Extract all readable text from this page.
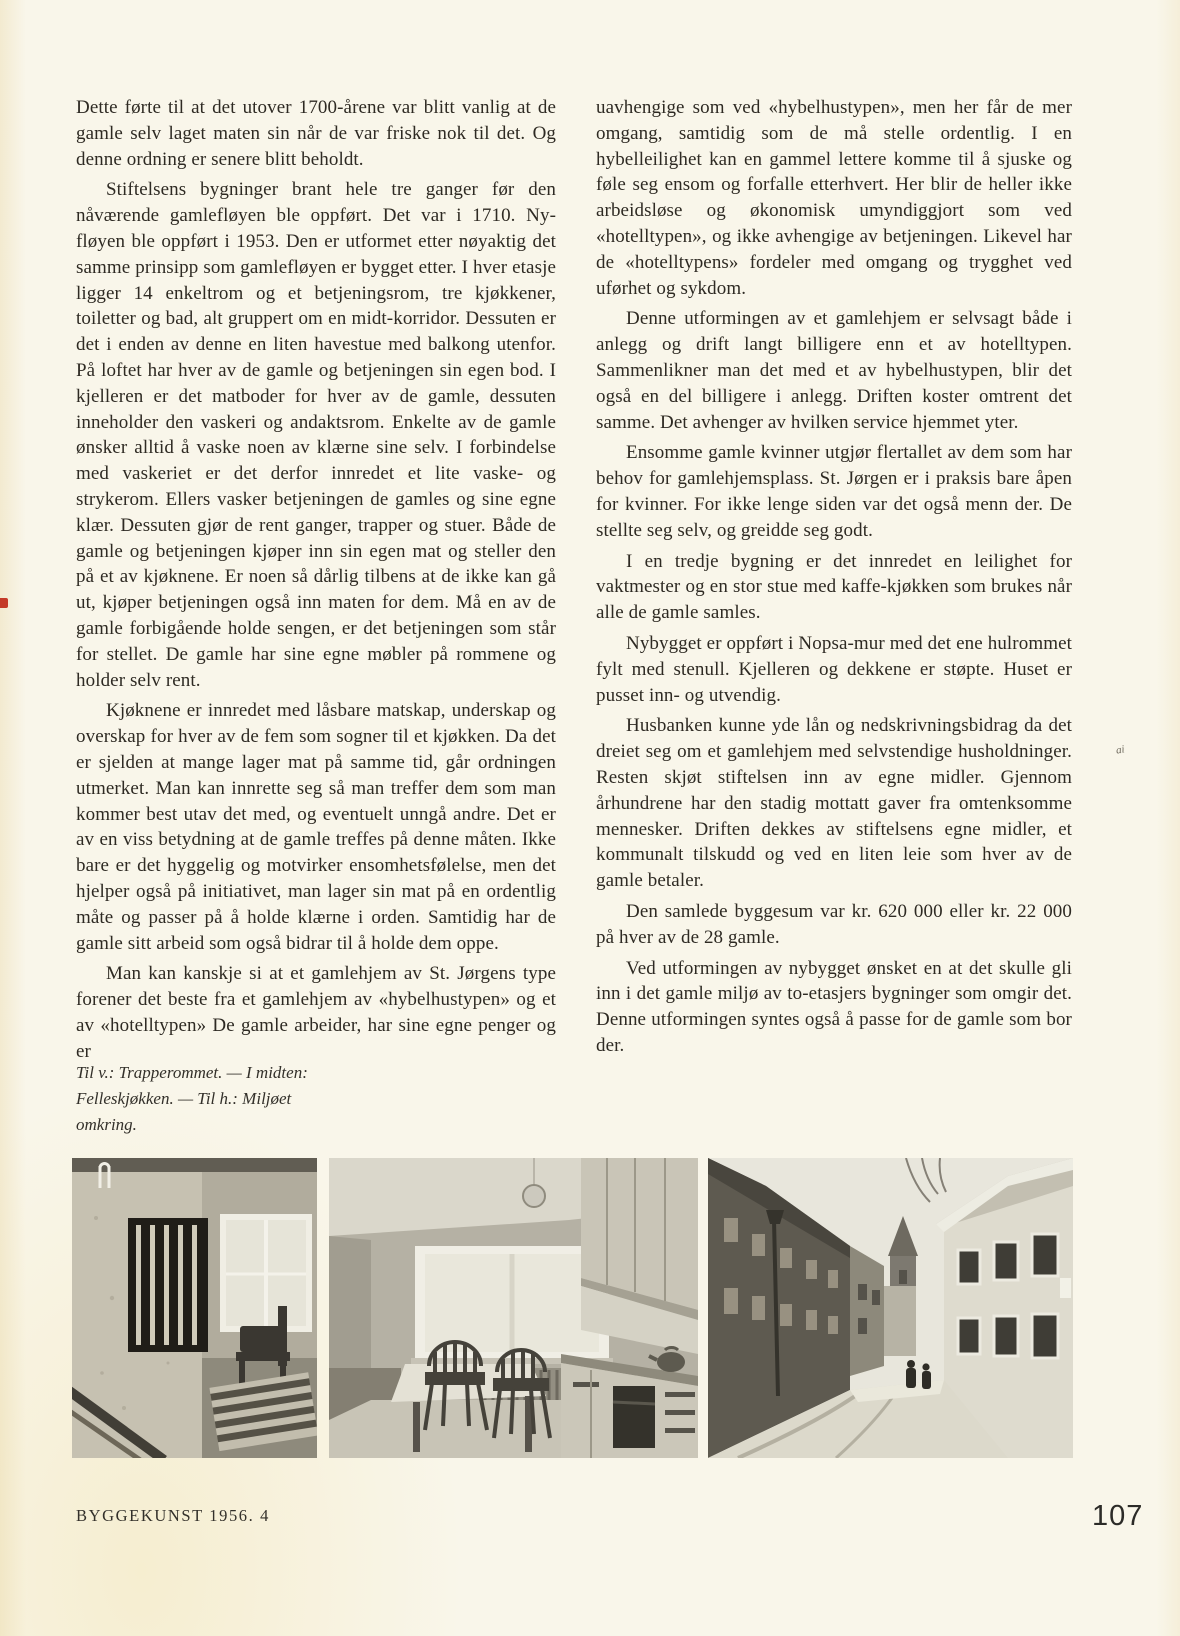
Dette førte til at det utover 1700-årene var blitt vanlig at de gamle selv laget maten sin når de var friske nok til det. Og denne ordning er senere blitt beholdt.

Stiftelsens bygninger brant hele tre ganger før den nåværende gamlefløyen ble oppført. Det var i 1710. Ny-fløyen ble oppført i 1953. Den er utformet etter nøyaktig det samme prinsipp som gamlefløyen er bygget etter. I hver etasje ligger 14 enkeltrom og et betjeningsrom, tre kjøkkener, toiletter og bad, alt gruppert om en midt-korridor. Dessuten er det i enden av denne en liten havestue med balkong utenfor. På loftet har hver av de gamle og betjeningen sin egen bod. I kjelleren er det matboder for hver av de gamle, dessuten inneholder den vaskeri og andaktsrom. Enkelte av de gamle ønsker alltid å vaske noen av klærne sine selv. I forbindelse med vaskeriet er det derfor innredet et lite vaske- og strykerom. Ellers vasker betjeningen de gamles og sine egne klær. Dessuten gjør de rent ganger, trapper og stuer. Både de gamle og betjeningen kjøper inn sin egen mat og steller den på et av kjøknene. Er noen så dårlig tilbens at de ikke kan gå ut, kjøper betjeningen også inn maten for dem. Må en av de gamle forbigående holde sengen, er det betjeningen som står for stellet. De gamle har sine egne møbler på rommene og holder selv rent.

Kjøknene er innredet med låsbare matskap, underskap og overskap for hver av de fem som sogner til et kjøkken. Da det er sjelden at mange lager mat på samme tid, går ordningen utmerket. Man kan innrette seg så man treffer dem som man kommer best utav det med, og eventuelt unngå andre. Det er av en viss betydning at de gamle treffes på denne måten. Ikke bare er det hyggelig og motvirker ensomhetsfølelse, men det hjelper også på initiativet, man lager sin mat på en ordentlig måte og passer på å holde klærne i orden. Samtidig har de gamle sitt arbeid som også bidrar til å holde dem oppe.

Man kan kanskje si at et gamlehjem av St. Jørgens type forener det beste fra et gamlehjem av «hybelhustypen» og et av «hotelltypen» De gamle arbeider, har sine egne penger og er

uavhengige som ved «hybelhustypen», men her får de mer omgang, samtidig som de må stelle ordentlig. I en hybelleilighet kan en gammel lettere komme til å sjuske og føle seg ensom og forfalle etterhvert. Her blir de heller ikke arbeidsløse og økonomisk umyndiggjort som ved «hotelltypen», og ikke avhengige av betjeningen. Likevel har de «hotelltypens» fordeler med omgang og trygghet ved uførhet og sykdom.

Denne utformingen av et gamlehjem er selvsagt både i anlegg og drift langt billigere enn et av hotelltypen. Sammenlikner man det med et av hybelhustypen, blir det også en del billigere i anlegg. Driften koster omtrent det samme. Det avhenger av hvilken service hjemmet yter.

Ensomme gamle kvinner utgjør flertallet av dem som har behov for gamlehjemsplass. St. Jørgen er i praksis bare åpen for kvinner. For ikke lenge siden var det også menn der. De stellte seg selv, og greidde seg godt.

I en tredje bygning er det innredet en leilighet for vaktmester og en stor stue med kaffe-kjøkken som brukes når alle de gamle samles.

Nybygget er oppført i Nopsa-mur med det ene hulrommet fylt med stenull. Kjelleren og dekkene er støpte. Huset er pusset inn- og utvendig.

Husbanken kunne yde lån og nedskrivningsbidrag da det dreiet seg om et gamlehjem med selvstendige husholdninger. Resten skjøt stiftelsen inn av egne midler. Gjennom århundrene har den stadig mottatt gaver fra omtenksomme mennesker. Driften dekkes av stiftelsens egne midler, et kommunalt tilskudd og ved en liten leie som hver av de gamle betaler.

Den samlede byggesum var kr. 620 000 eller kr. 22 000 på hver av de 28 gamle.

Ved utformingen av nybygget ønsket en at det skulle gli inn i det gamle miljø av to-etasjers bygninger som omgir det. Denne utformingen syntes også å passe for de gamle som bor der.

Til v.: Trapperommet. — I midten: Felleskjøkken. — Til h.: Miljøet omkring.
BYGGEKUNST 1956. 4	107
ai
